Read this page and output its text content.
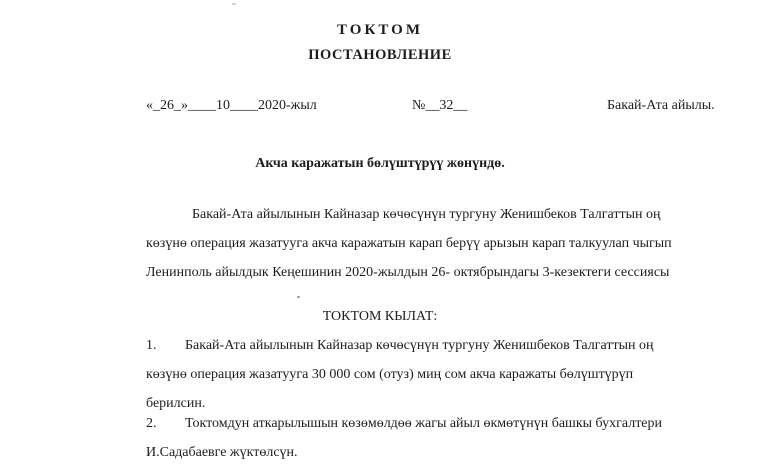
ТОКТОМ
ПОСТАНОВЛЕНИЕ
«_26_»____10____2020-жыл	№__32__	Бакай-Ата айылы.
Акча каражатын бөлүштүрүү жөнүндө.
Бакай-Ата айылынын Кайназар көчөсүнүн тургуну Женишбеков Талгаттын оң
көзүнө операция жазатууга акча каражатын карап берүү арызын карап талкуулап чыгып
Ленинполь айылдык Кеңешинин 2020-жылдын 26- октябрындагы 3-кезектеги сессиясы
ТОКТОМ КЫЛАТ:
1. Бакай-Ата айылынын Кайназар көчөсүнүн тургуну Женишбеков Талгаттын оң
көзүнө операция жазатууга 30 000 сом (отуз) миң сом акча каражаты бөлүштүрүп
берилсин.
2. Токтомдун аткарылышын көзөмөлдөө жагы айыл өкмөтүнүн башкы бухгалтери
И.Садабаевге жүктөлсүн.
